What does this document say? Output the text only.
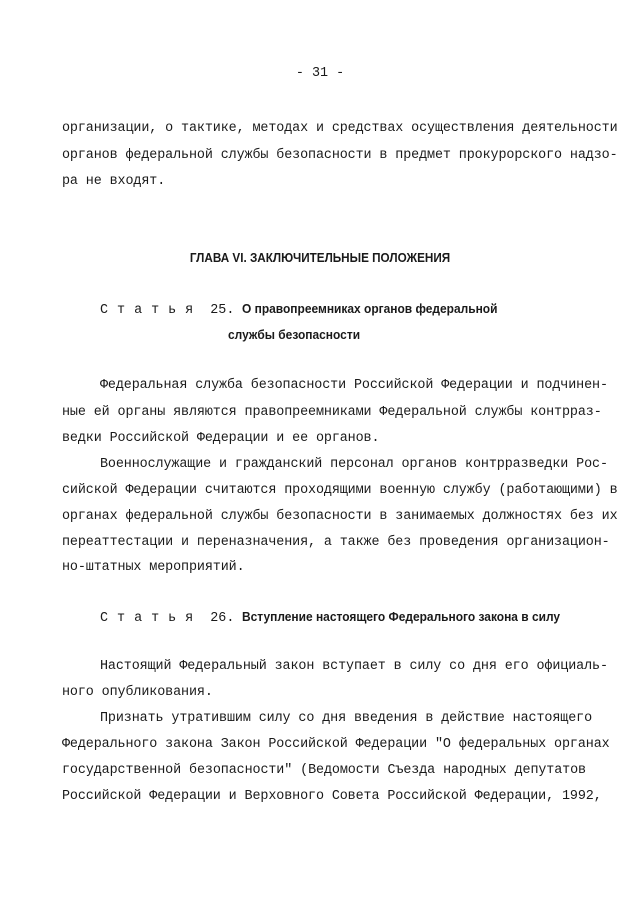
- 31 -
организации, о тактике, методах и средствах осуществления деятельности
органов федеральной службы безопасности в предмет прокурорского надзо-
ра не входят.
ГЛАВА VI. ЗАКЛЮЧИТЕЛЬНЫЕ ПОЛОЖЕНИЯ
Статья 25. О правопреемниках органов федеральной
службы безопасности
Федеральная служба безопасности Российской Федерации и подчинен-
ные ей органы являются правопреемниками Федеральной службы контрраз-
ведки Российской Федерации и ее органов.
Военнослужащие и гражданский персонал органов контрразведки Рос-
сийской Федерации считаются проходящими военную службу (работающими) в
органах федеральной службы безопасности в занимаемых должностях без их
переаттестации и переназначения, а также без проведения организацион-
но-штатных мероприятий.
Статья 26. Вступление настоящего Федерального закона в силу
Настоящий Федеральный закон вступает в силу со дня его официаль-
ного опубликования.
Признать утратившим силу со дня введения в действие настоящего
Федерального закона Закон Российской Федерации "О федеральных органах
государственной безопасности" (Ведомости Съезда народных депутатов
Российской Федерации и Верховного Совета Российской Федерации, 1992,
